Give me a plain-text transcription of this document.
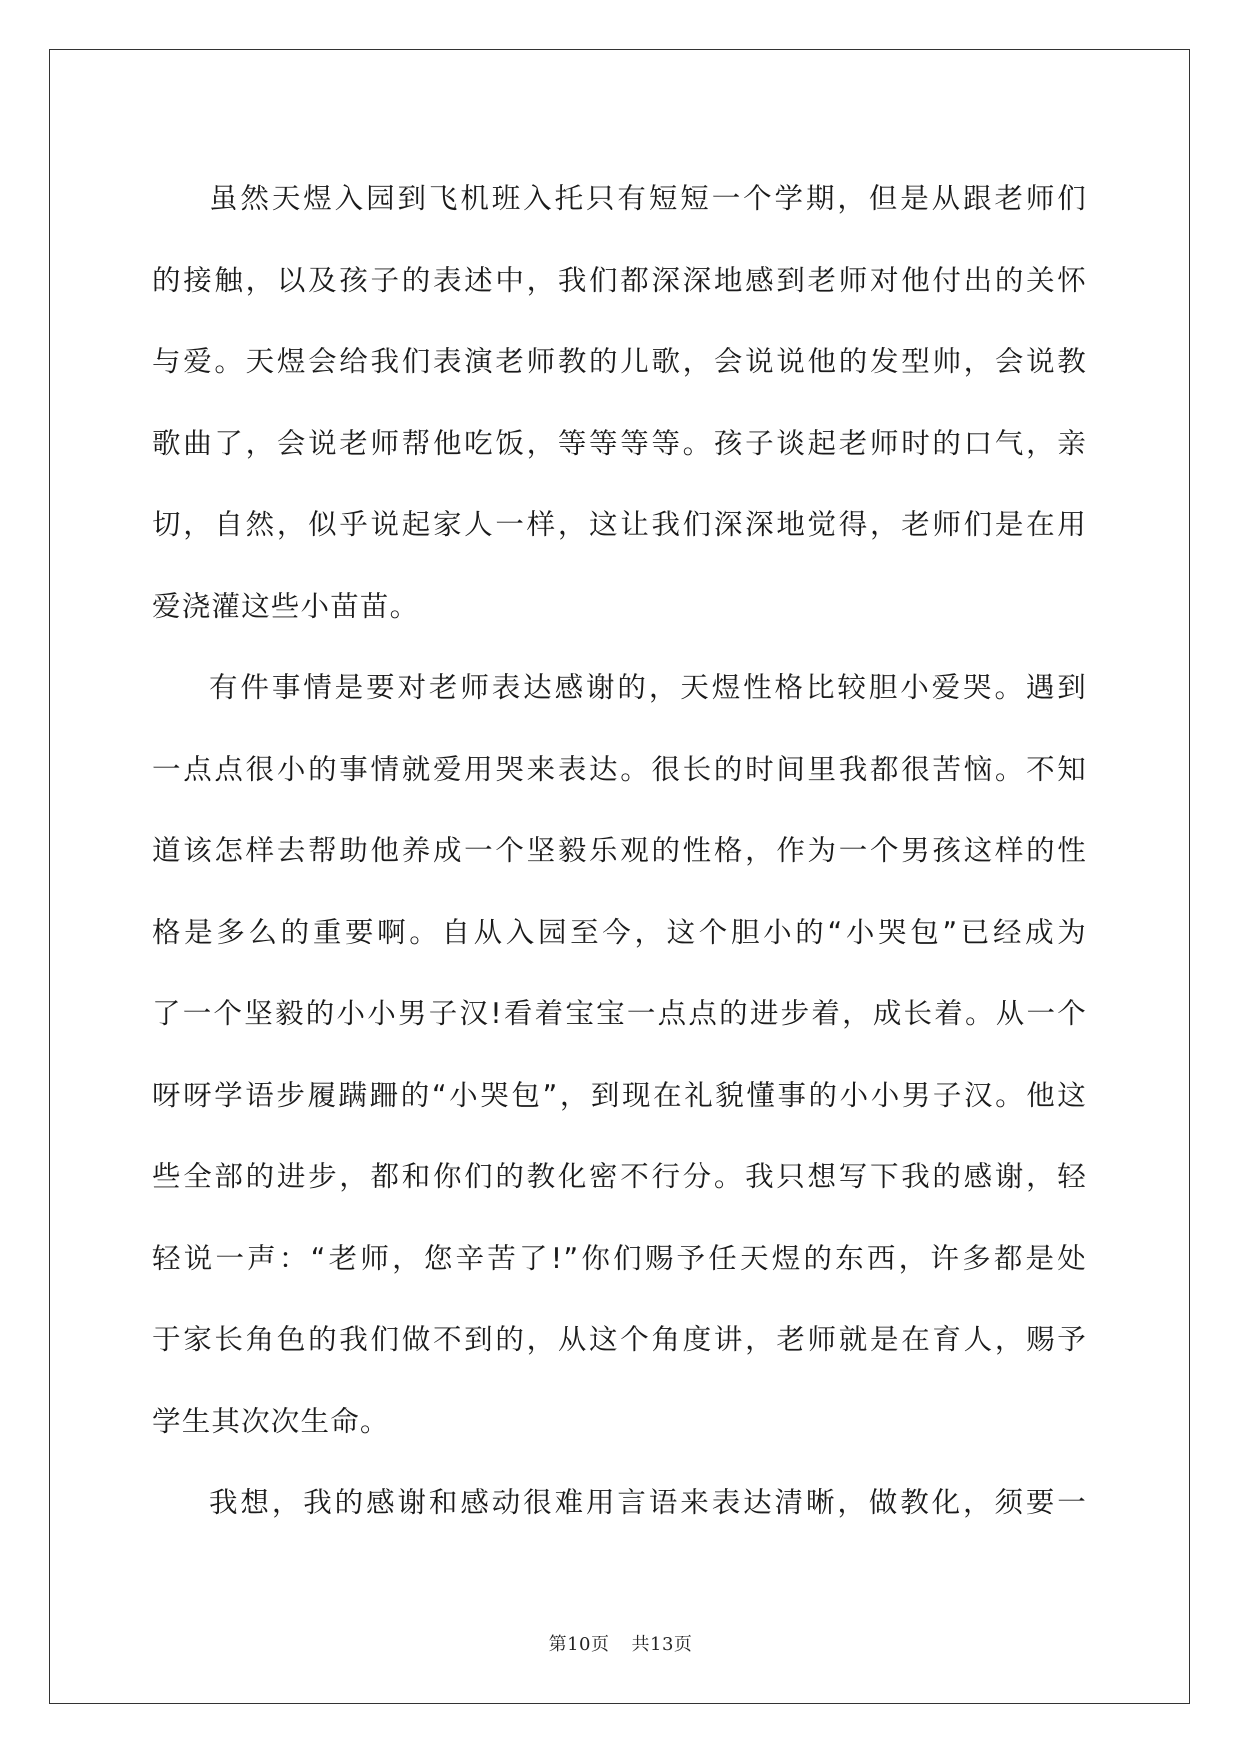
虽然天煜入园到飞机班入托只有短短一个学期，但是从跟老师们
的接触，以及孩子的表述中，我们都深深地感到老师对他付出的关怀
与爱。天煜会给我们表演老师教的儿歌，会说说他的发型帅，会说教
歌曲了，会说老师帮他吃饭，等等等等。孩子谈起老师时的口气，亲
切，自然，似乎说起家人一样，这让我们深深地觉得，老师们是在用
爱浇灌这些小苗苗。

有件事情是要对老师表达感谢的，天煜性格比较胆小爱哭。遇到
一点点很小的事情就爱用哭来表达。很长的时间里我都很苦恼。不知
道该怎样去帮助他养成一个坚毅乐观的性格，作为一个男孩这样的性
格是多么的重要啊。自从入园至今，这个胆小的“小哭包”已经成为
了一个坚毅的小小男子汉!看着宝宝一点点的进步着，成长着。从一个
呀呀学语步履蹒跚的“小哭包”，到现在礼貌懂事的小小男子汉。他这
些全部的进步，都和你们的教化密不行分。我只想写下我的感谢，轻
轻说一声：“老师，您辛苦了!”你们赐予任天煜的东西，许多都是处
于家长角色的我们做不到的，从这个角度讲，老师就是在育人，赐予
学生其次次生命。

我想，我的感谢和感动很难用言语来表达清晰，做教化，须要一

第10页 共13页
